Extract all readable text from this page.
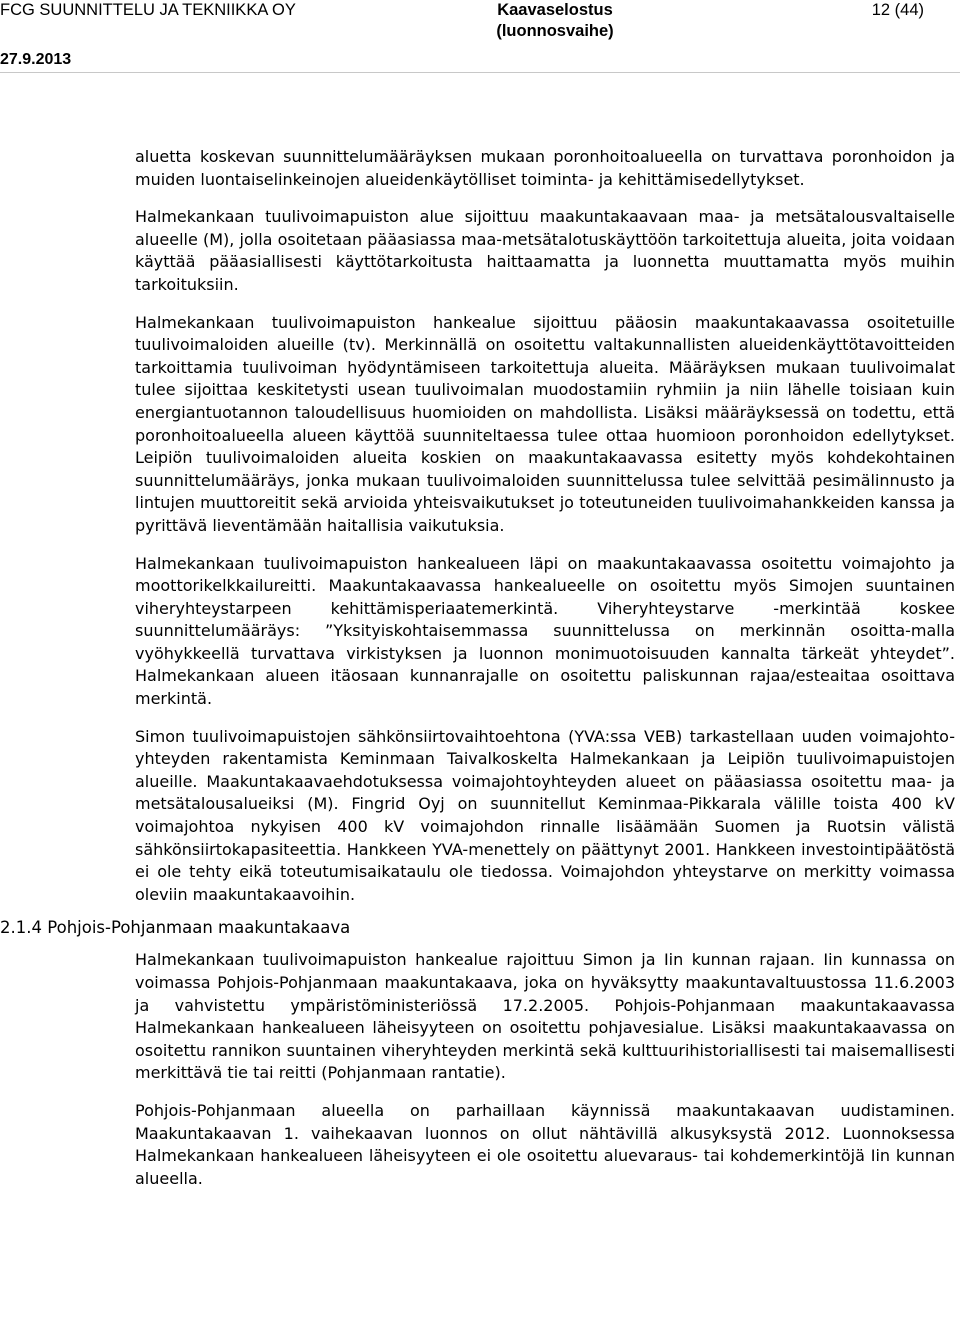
FCG SUUNNITTELU JA TEKNIIKKA OY	Kaavaselostus
(luonnosvaihe)
12 (44)
27.9.2013

aluetta koskevan suunnittelumääräyksen mukaan poronhoitoalueella on turvattava poronhoidon ja muiden luontaiselinkeinojen alueidenkäytölliset toiminta- ja kehittämisedellytykset.

Halmekankaan tuulivoimapuiston alue sijoittuu maakuntakaavaan maa- ja metsätalousvaltaiselle alueelle (M), jolla osoitetaan pääasiassa maa-metsätalotuskäyttöön tarkoitettuja alueita, joita voidaan käyttää pääasiallisesti käyttötarkoitusta haittaamatta ja luonnetta muuttamatta myös muihin tarkoituksiin.

Halmekankaan tuulivoimapuiston hankealue sijoittuu pääosin maakuntakaavassa osoitetuille tuulivoimaloiden alueille (tv). Merkinnällä on osoitettu valtakunnallisten alueidenkäyttötavoitteiden tarkoittamia tuulivoiman hyödyntämiseen tarkoitettuja alueita. Määräyksen mukaan tuulivoimalat tulee sijoittaa keskitetysti usean tuulivoimalan muodostamiin ryhmiin ja niin lähelle toisiaan kuin energiantuotannon taloudellisuus huomioiden on mahdollista. Lisäksi määräyksessä on todettu, että poronhoitoalueella alueen käyttöä suunniteltaessa tulee ottaa huomioon poronhoidon edellytykset. Leipiön tuulivoimaloiden alueita koskien on maakuntakaavassa esitetty myös kohdekohtainen suunnittelumääräys, jonka mukaan tuulivoimaloiden suunnittelussa tulee selvittää pesimälinnusto ja lintujen muuttoreitit sekä arvioida yhteisvaikutukset jo toteutuneiden tuulivoimahankkeiden kanssa ja pyrittävä lieventämään haitallisia vaikutuksia.

Halmekankaan tuulivoimapuiston hankealueen läpi on maakuntakaavassa osoitettu voimajohto ja moottorikelkkailureitti. Maakuntakaavassa hankealueelle on osoitettu myös Simojen suuntainen viheryhteystarpeen kehittämisperiaatemerkintä. Viheryhteystarve -merkintää koskee suunnittelumääräys: ”Yksityiskohtaisemmassa suunnittelussa on merkinnän osoitta-malla vyöhykkeellä turvattava virkistyksen ja luonnon monimuotoisuuden kannalta tärkeät yhteydet”. Halmekankaan alueen itäosaan kunnanrajalle on osoitettu paliskunnan rajaa/esteaitaa osoittava merkintä.

Simon tuulivoimapuistojen sähkönsiirtovaihtoehtona (YVA:ssa VEB) tarkastellaan uuden voimajohto-yhteyden rakentamista Keminmaan Taivalkoskelta Halmekankaan ja Leipiön tuulivoimapuistojen alueille. Maakuntakaavaehdotuksessa voimajohtoyhteyden alueet on pääasiassa osoitettu maa- ja metsätalousalueiksi (M). Fingrid Oyj on suunnitellut Keminmaa-Pikkarala välille toista 400 kV voimajohtoa nykyisen 400 kV voimajohdon rinnalle lisäämään Suomen ja Ruotsin välistä sähkönsiirtokapasiteettia. Hankkeen YVA-menettely on päättynyt 2001. Hankkeen investointipäätöstä ei ole tehty eikä toteutumisaikataulu ole tiedossa. Voimajohdon yhteystarve on merkitty voimassa oleviin maakuntakaavoihin.

2.1.4 Pohjois-Pohjanmaan maakuntakaava

Halmekankaan tuulivoimapuiston hankealue rajoittuu Simon ja Iin kunnan rajaan. Iin kunnassa on voimassa Pohjois-Pohjanmaan maakuntakaava, joka on hyväksytty maakuntavaltuustossa 11.6.2003 ja vahvistettu ympäristöministeriössä 17.2.2005. Pohjois-Pohjanmaan maakuntakaavassa Halmekankaan hankealueen läheisyyteen on osoitettu pohjavesialue. Lisäksi maakuntakaavassa on osoitettu rannikon suuntainen viheryhteyden merkintä sekä kulttuurihistoriallisesti tai maisemallisesti merkittävä tie tai reitti (Pohjanmaan rantatie).

Pohjois-Pohjanmaan alueella on parhaillaan käynnissä maakuntakaavan uudistaminen. Maakuntakaavan 1. vaihekaavan luonnos on ollut nähtävillä alkusyksystä 2012. Luonnoksessa Halmekankaan hankealueen läheisyyteen ei ole osoitettu aluevaraus- tai kohdemerkintöjä Iin kunnan alueella.
